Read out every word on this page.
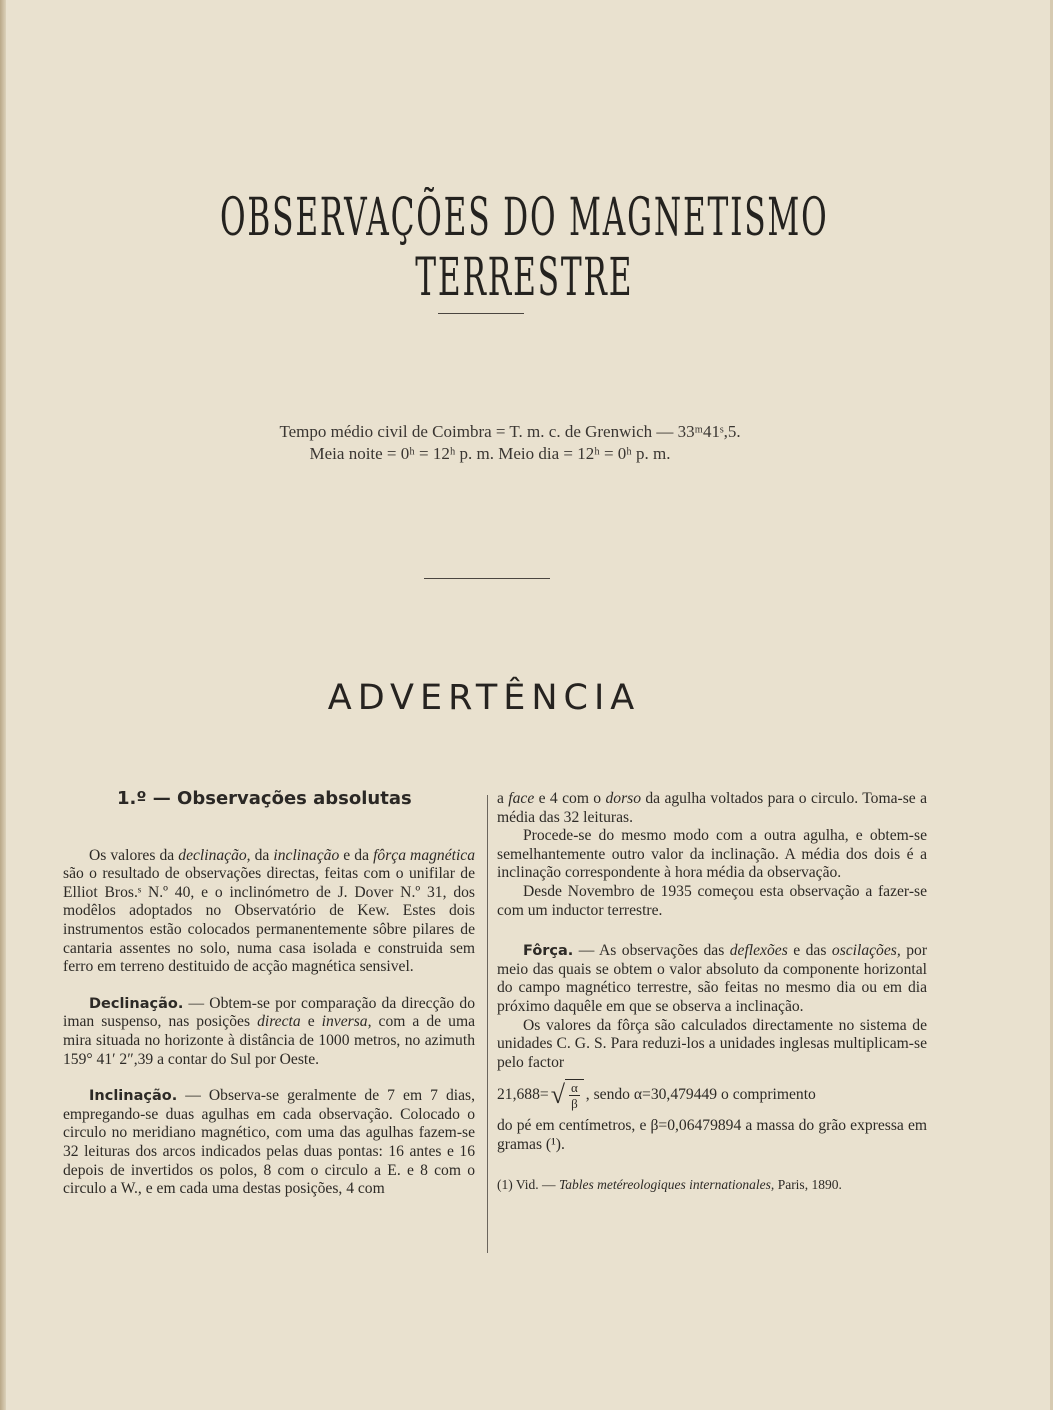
OBSERVAÇÕES DO MAGNETISMO TERRESTRE
Tempo médio civil de Coimbra = T. m. c. de Grenwich — 33ᵐ41ˢ,5.
Meia noite = 0ʰ = 12ʰ p. m. Meio dia = 12ʰ = 0ʰ p. m.
ADVERTÊNCIA
1.º — Observações absolutas

Os valores da declinação, da inclinação e da fôrça magnética são o resultado de observações directas, feitas com o unifilar de Elliot Bros.ˢ N.º 40, e o inclinómetro de J. Dover N.º 31, dos modêlos adoptados no Observatório de Kew. Estes dois instrumentos estão colocados permanentemente sôbre pilares de cantaria assentes no solo, numa casa isolada e construida sem ferro em terreno destituido de acção magnética sensivel.

Declinação. — Obtem-se por comparação da direcção do iman suspenso, nas posições directa e inversa, com a de uma mira situada no horizonte à distância de 1000 metros, no azimuth 159° 41′ 2″,39 a contar do Sul por Oeste.

Inclinação. — Observa-se geralmente de 7 em 7 dias, empregando-se duas agulhas em cada observação. Colocado o circulo no meridiano magnético, com uma das agulhas fazem-se 32 leituras dos arcos indicados pelas duas pontas: 16 antes e 16 depois de invertidos os polos, 8 com o circulo a E. e 8 com o circulo a W., e em cada uma destas posições, 4 com

a face e 4 com o dorso da agulha voltados para o circulo. Toma-se a média das 32 leituras.

Procede-se do mesmo modo com a outra agulha, e obtem-se semelhantemente outro valor da inclinação. A média dos dois é a inclinação correspondente à hora média da observação.

Desde Novembro de 1935 começou esta observação a fazer-se com um inductor terrestre.

Fôrça. — As observações das deflexões e das oscilações, por meio das quais se obtem o valor absoluto da componente horizontal do campo magnético terrestre, são feitas no mesmo dia ou em dia próximo daquêle em que se observa a inclinação.

Os valores da fôrça são calculados directamente no sistema de unidades C. G. S. Para reduzi-los a unidades inglesas multiplicam-se pelo factor

21,688= √ $\frac{\alpha}{\beta}$ , sendo α=30,479449 o comprimento

do pé em centímetros, e β=0,06479894 a massa do grão expressa em gramas (¹).

(1) Vid. — Tables metéreologiques internationales, Paris, 1890.
